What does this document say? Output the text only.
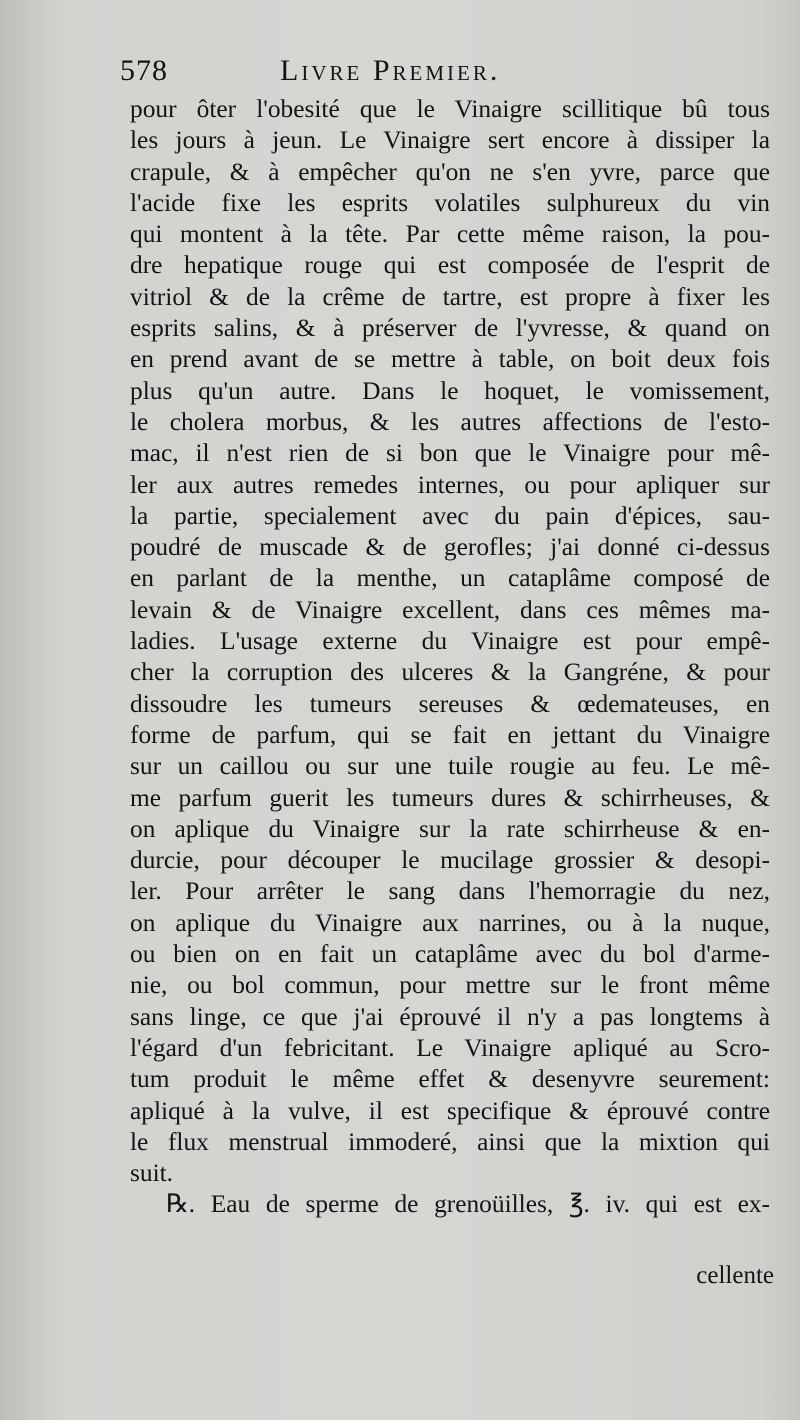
578	Livre Premier.
pour ôter l'obesité que le Vinaigre scillitique bû tous
les jours à jeun. Le Vinaigre sert encore à dissiper la
crapule, & à empêcher qu'on ne s'en yvre, parce que
l'acide fixe les esprits volatiles sulphureux du vin
qui montent à la tête. Par cette même raison, la pou-
dre hepatique rouge qui est composée de l'esprit de
vitriol & de la crême de tartre, est propre à fixer les
esprits salins, & à préserver de l'yvresse, & quand on
en prend avant de se mettre à table, on boit deux fois
plus qu'un autre. Dans le hoquet, le vomissement,
le cholera morbus, & les autres affections de l'esto-
mac, il n'est rien de si bon que le Vinaigre pour mê-
ler aux autres remedes internes, ou pour apliquer sur
la partie, specialement avec du pain d'épices, sau-
poudré de muscade & de gerofles; j'ai donné ci-dessus
en parlant de la menthe, un cataplâme composé de
levain & de Vinaigre excellent, dans ces mêmes ma-
ladies. L'usage externe du Vinaigre est pour empê-
cher la corruption des ulceres & la Gangréne, & pour
dissoudre les tumeurs sereuses & œdemateuses, en
forme de parfum, qui se fait en jettant du Vinaigre
sur un caillou ou sur une tuile rougie au feu. Le mê-
me parfum guerit les tumeurs dures & schirrheuses, &
on aplique du Vinaigre sur la rate schirrheuse & en-
durcie, pour découper le mucilage grossier & desopi-
ler. Pour arrêter le sang dans l'hemorragie du nez,
on aplique du Vinaigre aux narrines, ou à la nuque,
ou bien on en fait un cataplâme avec du bol d'arme-
nie, ou bol commun, pour mettre sur le front même
sans linge, ce que j'ai éprouvé il n'y a pas longtems à
l'égard d'un febricitant. Le Vinaigre apliqué au Scro-
tum produit le même effet & desenyvre seurement:
apliqué à la vulve, il est specifique & éprouvé contre
le flux menstrual immoderé, ainsi que la mixtion qui
suit.
℞. Eau de sperme de grenoüilles, ℥. iv. qui est ex-
cellente
